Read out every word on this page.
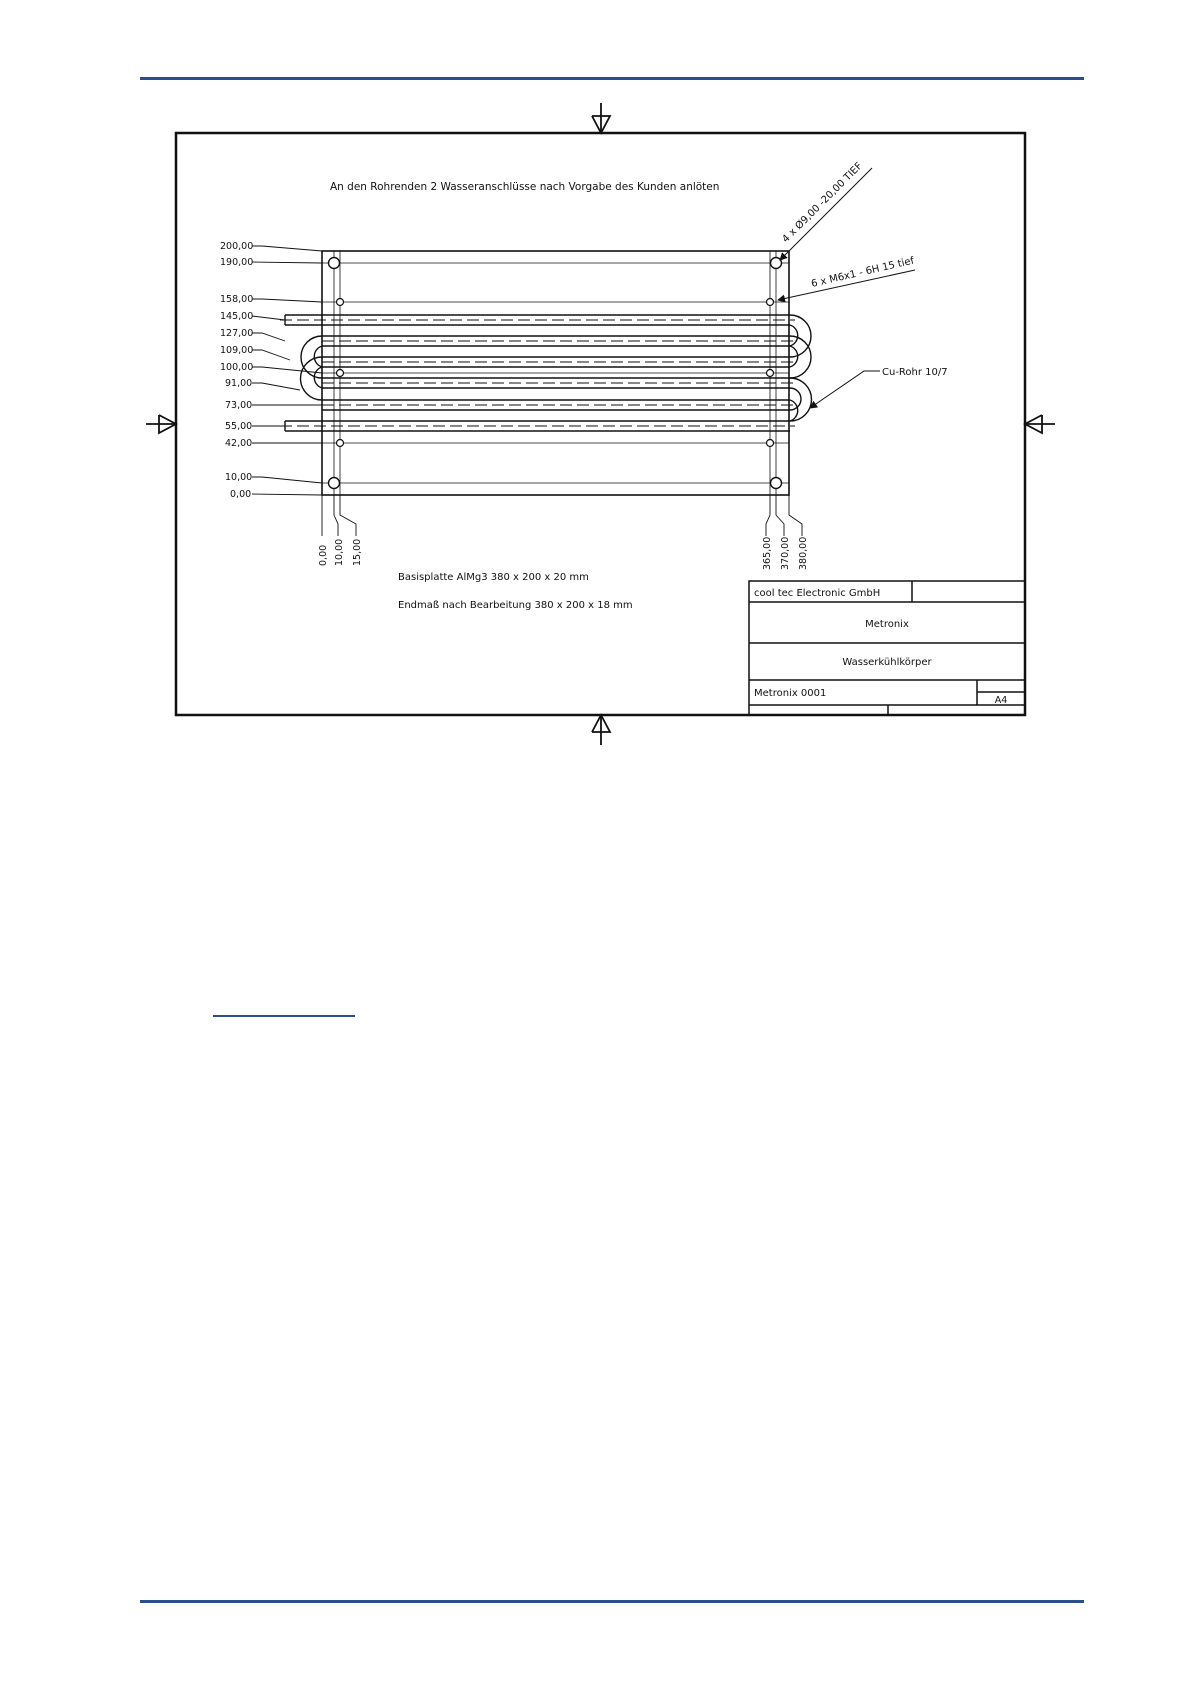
An den Rohrenden 2 Wasseranschlüsse nach Vorgabe des Kunden anlöten
200,00
190,00
158,00
145,00
127,00
109,00
100,00
91,00
73,00
55,00
42,00
10,00
0,00
0,00 10,00 15,00	365,00 370,00 380,00
4 x Ø9,00 -20,00 TIEF
6 x M6x1 - 6H 15 tief
Cu-Rohr 10/7
Basisplatte AlMg3 380 x 200 x 20 mm
Endmaß nach Bearbeitung 380 x 200 x 18 mm
cool tec Electronic GmbH
Metronix
Wasserkühlkörper
Metronix 0001
A4
